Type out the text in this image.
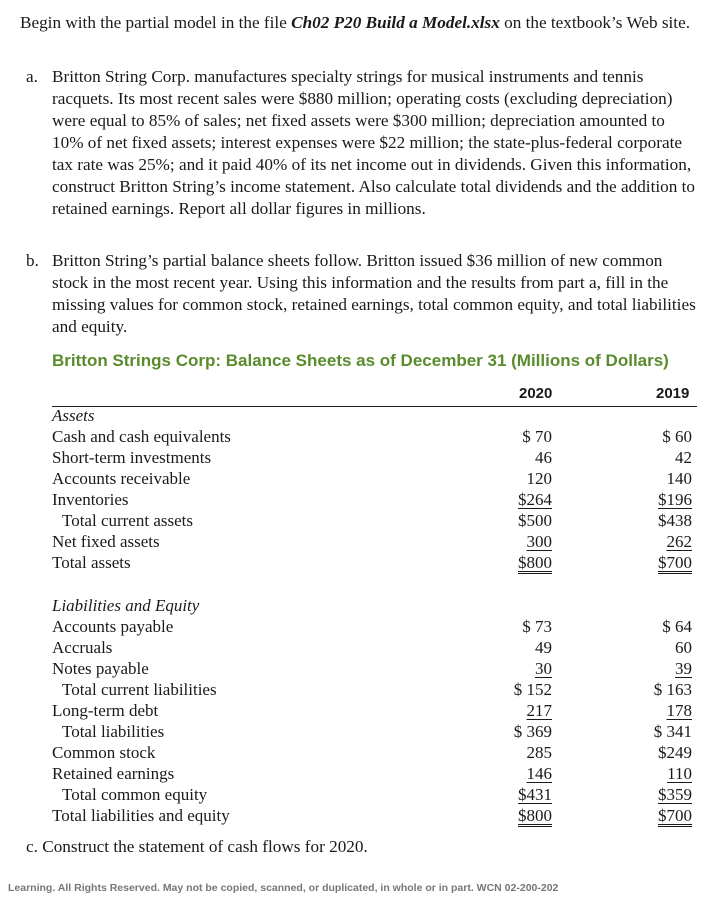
Begin with the partial model in the file Ch02 P20 Build a Model.xlsx on the textbook’s Web site.
a. Britton String Corp. manufactures specialty strings for musical instruments and tennis racquets. Its most recent sales were $880 million; operating costs (excluding depreciation) were equal to 85% of sales; net fixed assets were $300 million; depreciation amounted to 10% of net fixed assets; interest expenses were $22 million; the state-plus-federal corporate tax rate was 25%; and it paid 40% of its net income out in dividends. Given this information, construct Britton String’s income statement. Also calculate total dividends and the addition to retained earnings. Report all dollar figures in millions.
b. Britton String’s partial balance sheets follow. Britton issued $36 million of new common stock in the most recent year. Using this information and the results from part a, fill in the missing values for common stock, retained earnings, total common equity, and total liabilities and equity.
Britton Strings Corp: Balance Sheets as of December 31 (Millions of Dollars)
2020	2019
Assets
Cash and cash equivalents	$ 70	$ 60
Short-term investments	46	42
Accounts receivable	120	140
Inventories	$264	$196
Total current assets	$500	$438
Net fixed assets	300	262
Total assets	$800	$700
Liabilities and Equity
Accounts payable	$ 73	$ 64
Accruals	49	60
Notes payable	30	39
Total current liabilities	$ 152	$ 163
Long-term debt	217	178
Total liabilities	$ 369	$ 341
Common stock	285	$249
Retained earnings	146	110
Total common equity	$431	$359
Total liabilities and equity	$800	$700
c. Construct the statement of cash flows for 2020.
Learning. All Rights Reserved. May not be copied, scanned, or duplicated, in whole or in part. WCN 02-200-202
